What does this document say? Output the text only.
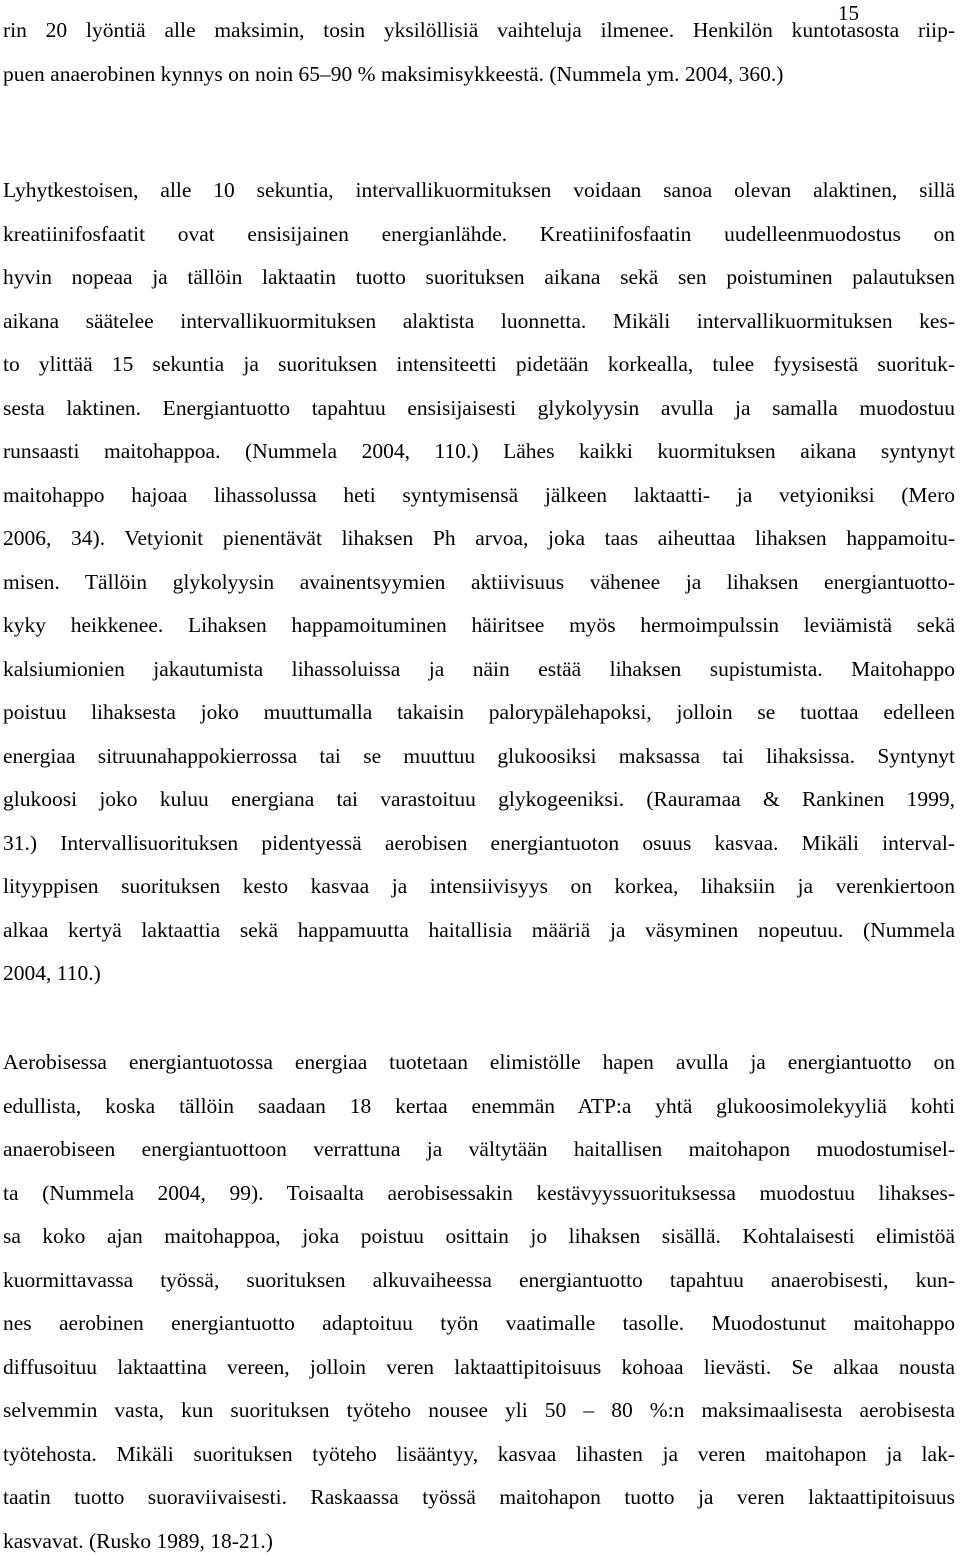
15
rin 20 lyöntiä alle maksimin, tosin yksilöllisiä vaihteluja ilmenee. Henkilön kuntotasosta riip-
puen anaerobinen kynnys on noin 65–90 % maksimisykkeestä. (Nummela ym. 2004, 360.)
Lyhytkestoisen, alle 10 sekuntia, intervallikuormituksen voidaan sanoa olevan alaktinen, sillä
kreatiinifosfaatit ovat ensisijainen energianlähde. Kreatiinifosfaatin uudelleenmuodostus on
hyvin nopeaa ja tällöin laktaatin tuotto suorituksen aikana sekä sen poistuminen palautuksen
aikana säätelee intervallikuormituksen alaktista luonnetta. Mikäli intervallikuormituksen kes-
to ylittää 15 sekuntia ja suorituksen intensiteetti pidetään korkealla, tulee fyysisestä suorituk-
sesta laktinen. Energiantuotto tapahtuu ensisijaisesti glykolyysin avulla ja samalla muodostuu
runsaasti maitohappoa. (Nummela 2004, 110.) Lähes kaikki kuormituksen aikana syntynyt
maitohappo hajoaa lihassolussa heti syntymisensä jälkeen laktaatti- ja vetyioniksi (Mero
2006, 34). Vetyionit pienentävät lihaksen Ph arvoa, joka taas aiheuttaa lihaksen happamoitu-
misen. Tällöin glykolyysin avainentsyymien aktiivisuus vähenee ja lihaksen energiantuotto-
kyky heikkenee. Lihaksen happamoituminen häiritsee myös hermoimpulssin leviämistä sekä
kalsiumionien jakautumista lihassoluissa ja näin estää lihaksen supistumista. Maitohappo
poistuu lihaksesta joko muuttumalla takaisin palorypälehapoksi, jolloin se tuottaa edelleen
energiaa sitruunahappokierrossa tai se muuttuu glukoosiksi maksassa tai lihaksissa. Syntynyt
glukoosi joko kuluu energiana tai varastoituu glykogeeniksi. (Rauramaa & Rankinen 1999,
31.) Intervallisuorituksen pidentyessä aerobisen energiantuoton osuus kasvaa. Mikäli interval-
lityyppisen suorituksen kesto kasvaa ja intensiivisyys on korkea, lihaksiin ja verenkiertoon
alkaa kertyä laktaattia sekä happamuutta haitallisia määriä ja väsyminen nopeutuu. (Nummela
2004, 110.)
Aerobisessa energiantuotossa energiaa tuotetaan elimistölle hapen avulla ja energiantuotto on
edullista, koska tällöin saadaan 18 kertaa enemmän ATP:a yhtä glukoosimolekyyliä kohti
anaerobiseen energiantuottoon verrattuna ja vältytään haitallisen maitohapon muodostumisel-
ta (Nummela 2004, 99). Toisaalta aerobisessakin kestävyyssuorituksessa muodostuu lihakses-
sa koko ajan maitohappoa, joka poistuu osittain jo lihaksen sisällä. Kohtalaisesti elimistöä
kuormittavassa työssä, suorituksen alkuvaiheessa energiantuotto tapahtuu anaerobisesti, kun-
nes aerobinen energiantuotto adaptoituu työn vaatimalle tasolle. Muodostunut maitohappo
diffusoituu laktaattina vereen, jolloin veren laktaattipitoisuus kohoaa lievästi. Se alkaa nousta
selvemmin vasta, kun suorituksen työteho nousee yli 50 – 80 %:n maksimaalisesta aerobisesta
työtehosta. Mikäli suorituksen työteho lisääntyy, kasvaa lihasten ja veren maitohapon ja lak-
taatin tuotto suoraviivaisesti. Raskaassa työssä maitohapon tuotto ja veren laktaattipitoisuus
kasvavat. (Rusko 1989, 18-21.)
